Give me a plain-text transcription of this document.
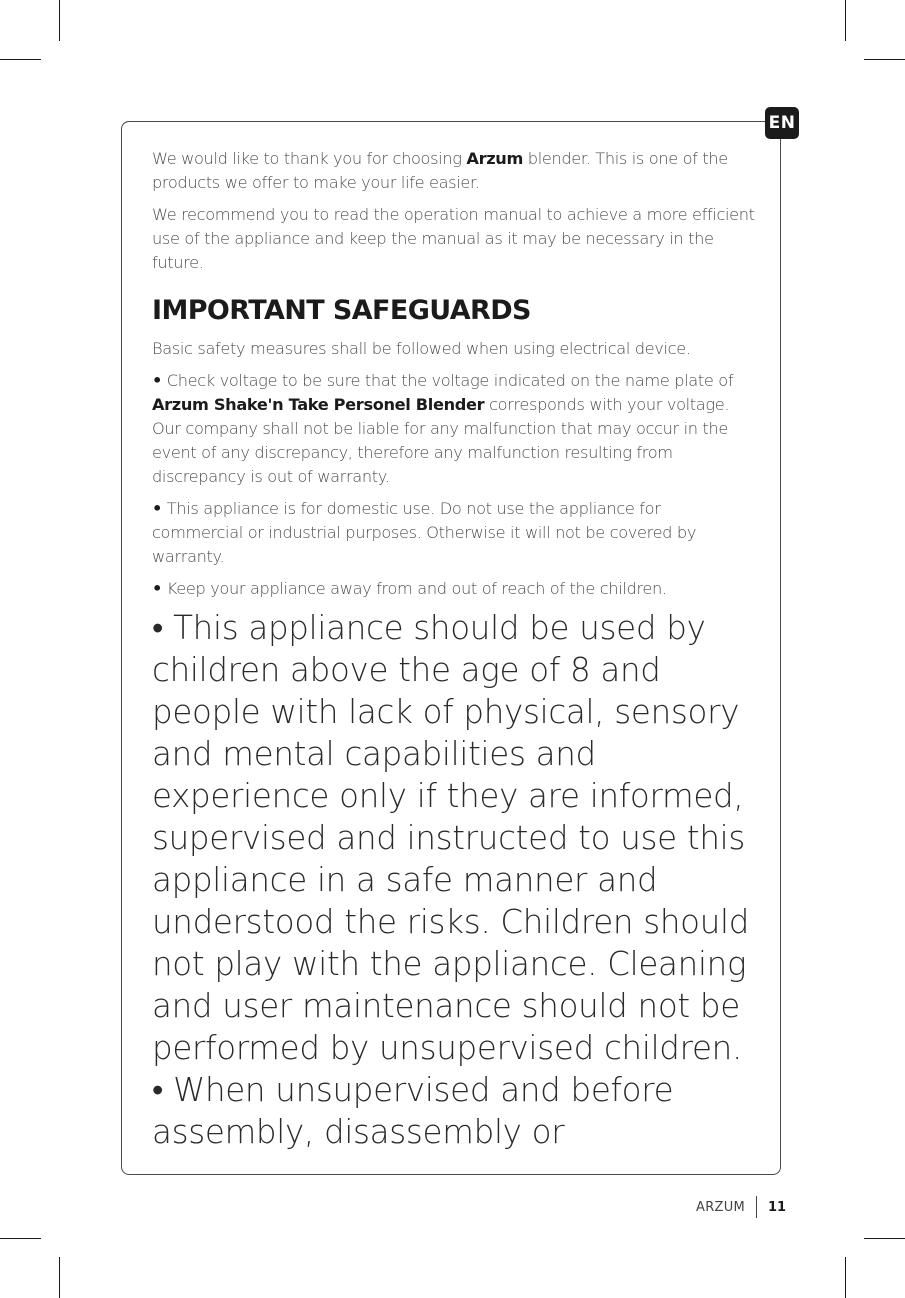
EN

We would like to thank you for choosing Arzum blender. This is one of the products we offer to make your life easier.

We recommend you to read the operation manual to achieve a more efficient use of the appliance and keep the manual as it may be necessary in the future.

IMPORTANT SAFEGUARDS

Basic safety measures shall be followed when using electrical device.

• Check voltage to be sure that the voltage indicated on the name plate of Arzum Shake'n Take Personel Blender corresponds with your voltage. Our company shall not be liable for any malfunction that may occur in the event of any discrepancy, therefore any malfunction resulting from discrepancy is out of warranty.

• This appliance is for domestic use. Do not use the appliance for commercial or industrial purposes. Otherwise it will not be covered by warranty.

• Keep your appliance away from and out of reach of the children.

• This appliance should be used by children above the age of 8 and people with lack of physical, sensory and mental capabilities and experience only if they are informed, supervised and instructed to use this appliance in a safe manner and understood the risks. Children should not play with the appliance. Cleaning and user maintenance should not be performed by unsupervised children.

• When unsupervised and before assembly, disassembly or

ARZUM 11
